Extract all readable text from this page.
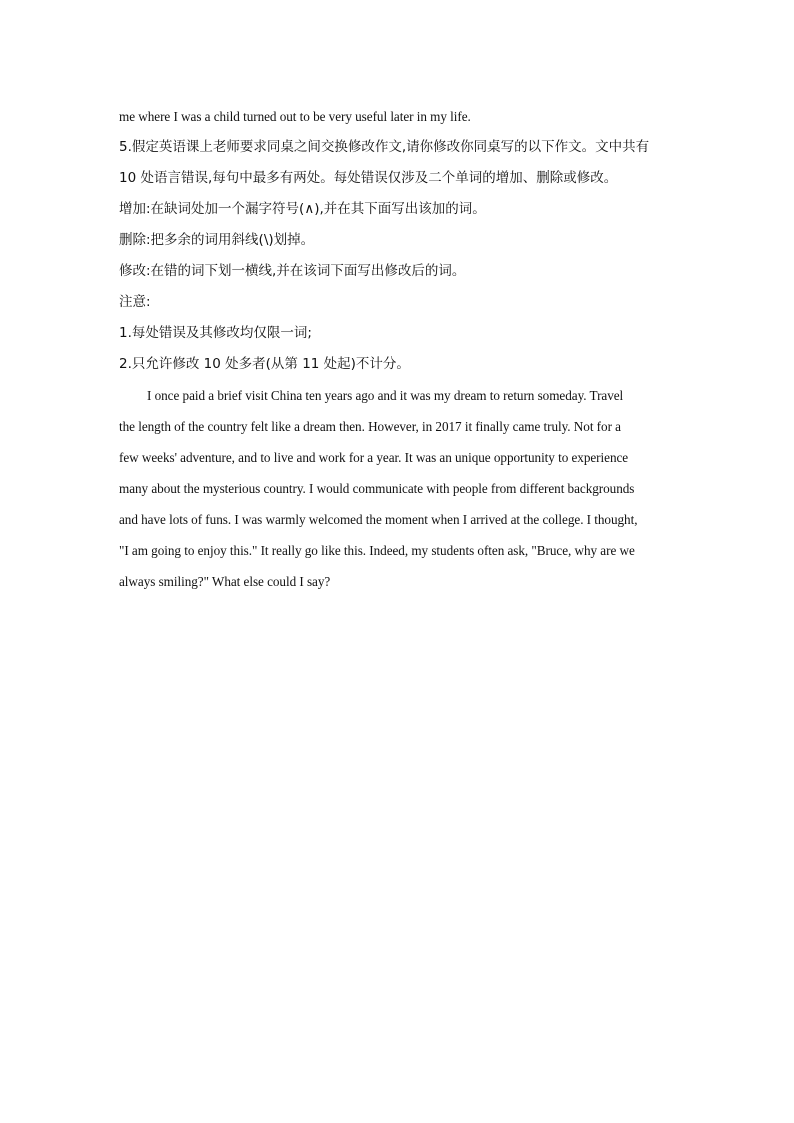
me where I was a child turned out to be very useful later in my life.
5.假定英语课上老师要求同桌之间交换修改作文,请你修改你同桌写的以下作文。文中共有
10 处语言错误,每句中最多有两处。每处错误仅涉及二个单词的增加、删除或修改。
增加:在缺词处加一个漏字符号(∧),并在其下面写出该加的词。
删除:把多余的词用斜线(\)划掉。
修改:在错的词下划一横线,并在该词下面写出修改后的词。
注意:
1.每处错误及其修改均仅限一词;
2.只允许修改 10 处多者(从第 11 处起)不计分。
I once paid a brief visit China ten years ago and it was my dream to return someday. Travel
the length of the country felt like a dream then. However, in 2017 it finally came truly. Not for a
few weeks' adventure, and to live and work for a year. It was an unique opportunity to experience
many about the mysterious country. I would communicate with people from different backgrounds
and have lots of funs. I was warmly welcomed the moment when I arrived at the college. I thought,
"I am going to enjoy this." It really go like this. Indeed, my students often ask, "Bruce, why are we
always smiling?" What else could I say?
